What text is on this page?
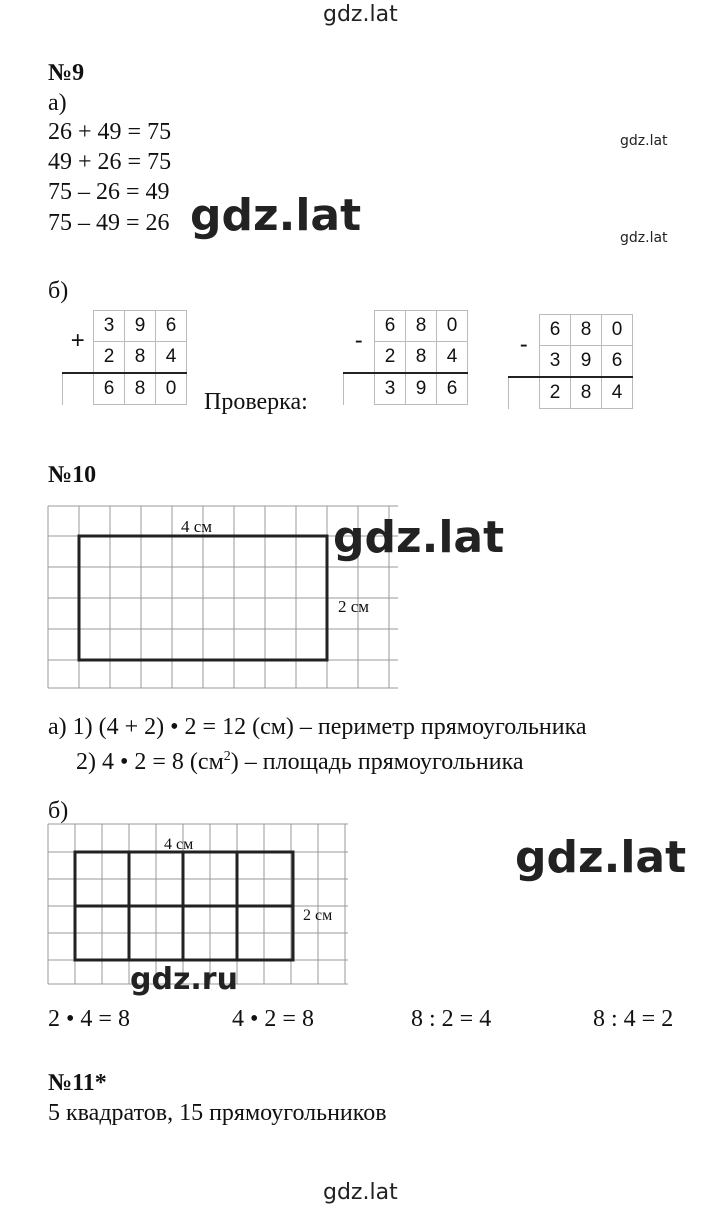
gdz.lat
gdz.lat
gdz.lat
№9
а)
26 + 49 = 75
49 + 26 = 75
75 – 26 = 49
75 – 49 = 26 gdz.lat
б)
+	3	9	6
	2	8	4
	6	8	0
Проверка:
-	6	8	0
	2	8	4
	3	9	6
-	6	8	0
	3	9	6
	2	8	4
№10
4 см
2 см
gdz.lat
а) 1) (4 + 2) • 2 = 12 (см) – периметр прямоугольника
2) 4 • 2 = 8 $(см^2)$ – площадь прямоугольника
б)
4 см
2 см
gdz.lat
gdz.ru
2 • 4 = 8	4 • 2 = 8	8 : 2 = 4	8 : 4 = 2
№11*
5 квадратов, 15 прямоугольников
gdz.lat
